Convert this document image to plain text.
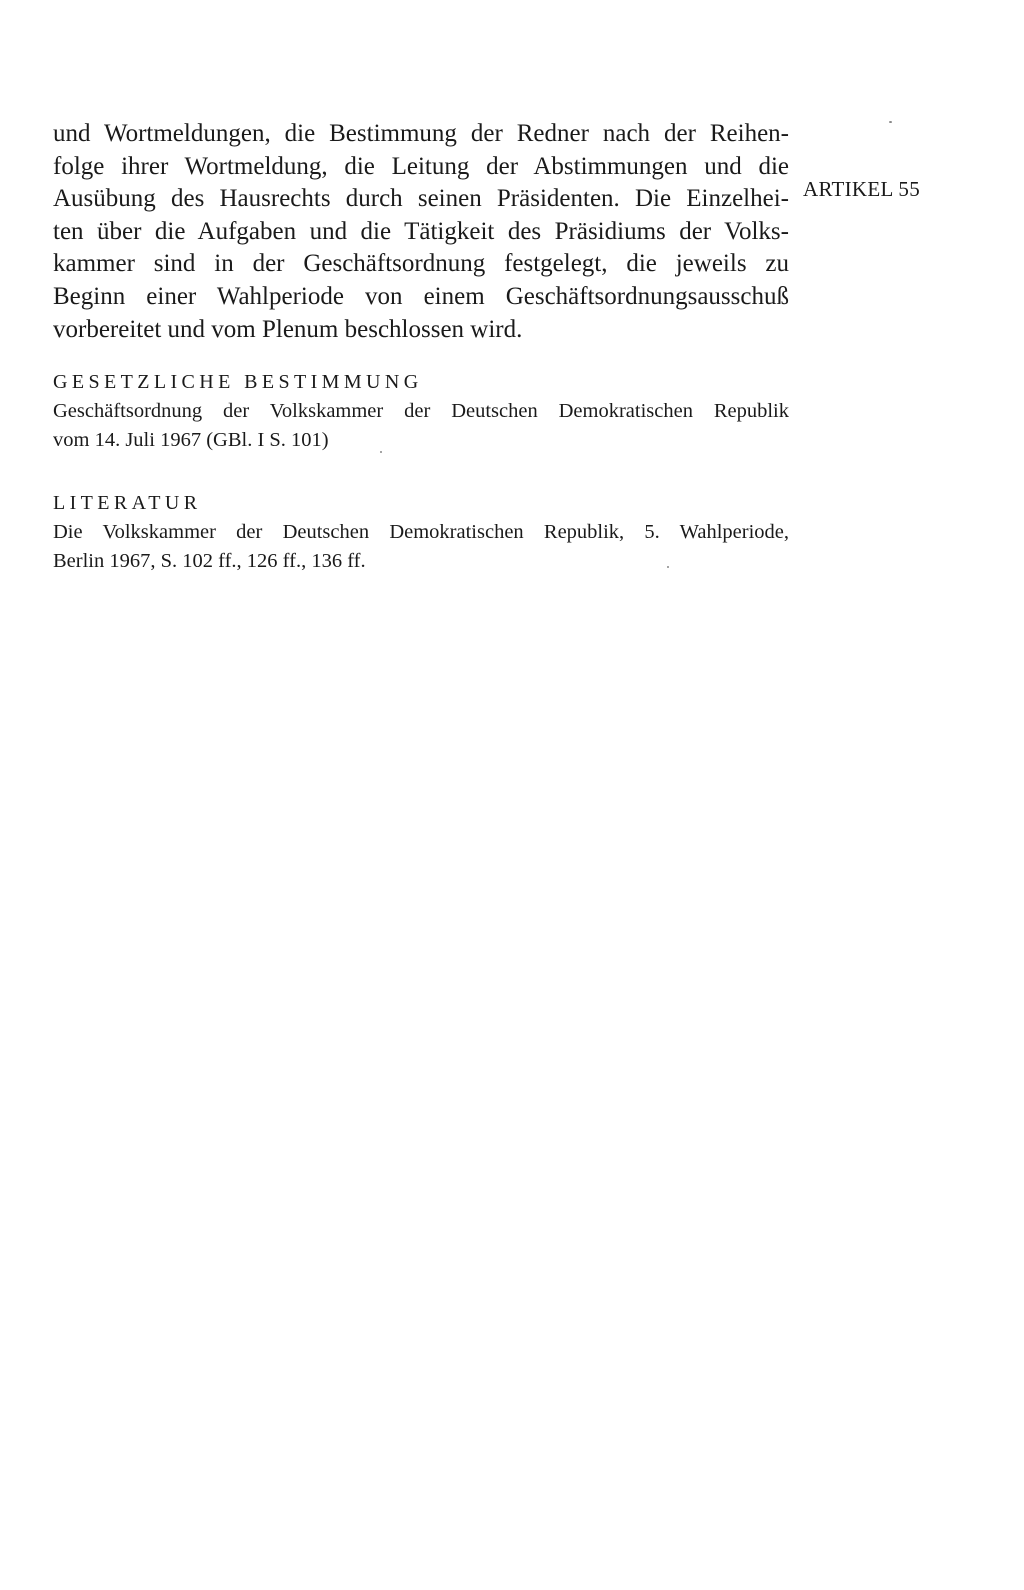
und Wortmeldungen, die Bestimmung der Redner nach der Reihen-
folge ihrer Wortmeldung, die Leitung der Abstimmungen und die
Ausübung des Hausrechts durch seinen Präsidenten. Die Einzelhei-
ten über die Aufgaben und die Tätigkeit des Präsidiums der Volks-
kammer sind in der Geschäftsordnung festgelegt, die jeweils zu
Beginn einer Wahlperiode von einem Geschäftsordnungsausschuß
vorbereitet und vom Plenum beschlossen wird.

ARTIKEL 55
GESETZLICHE BESTIMMUNG

Geschäftsordnung der Volkskammer der Deutschen Demokratischen Republik
vom 14. Juli 1967 (GBl. I S. 101)

LITERATUR

Die Volkskammer der Deutschen Demokratischen Republik, 5. Wahlperiode,
Berlin 1967, S. 102 ff., 126 ff., 136 ff.
